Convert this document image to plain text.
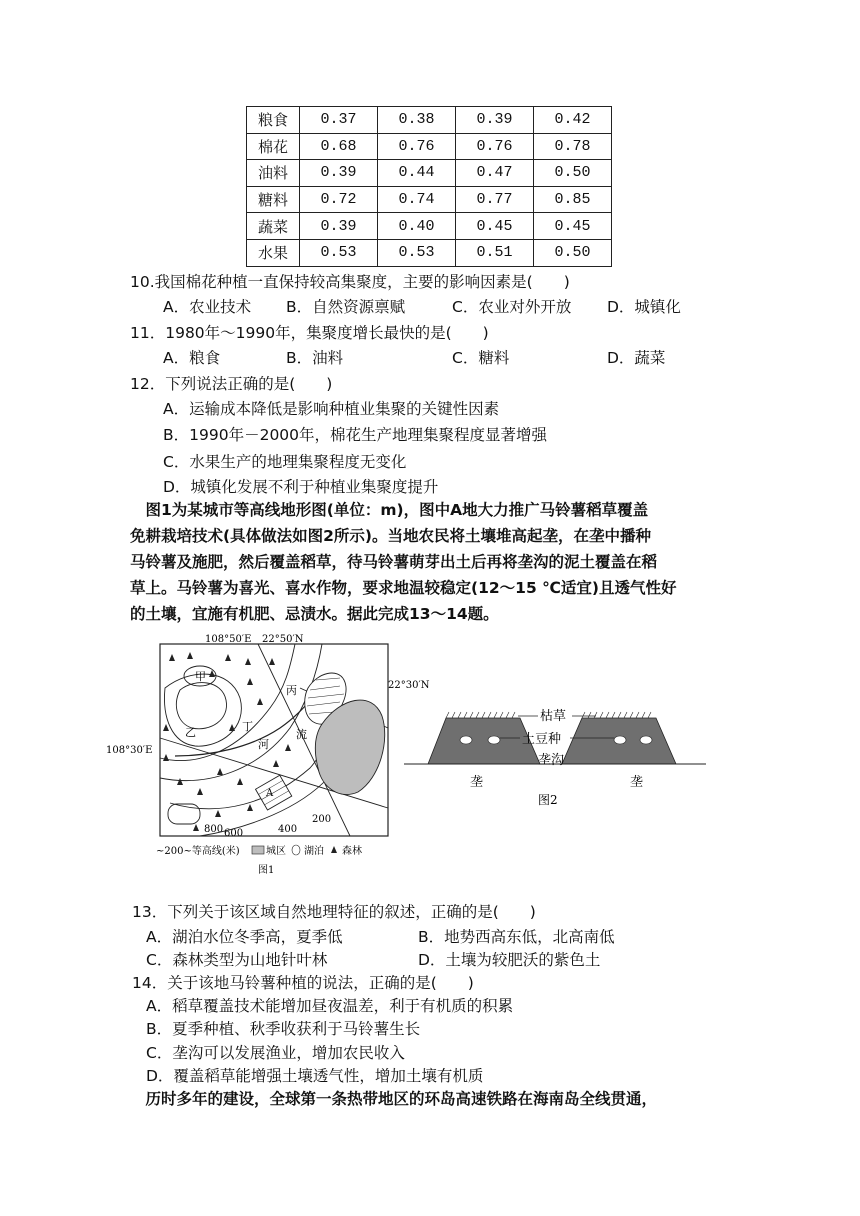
粮食	0.37	0.38	0.39	0.42
棉花	0.68	0.76	0.76	0.78
油料	0.39	0.44	0.47	0.50
糖料	0.72	0.74	0.77	0.85
蔬菜	0.39	0.40	0.45	0.45
水果	0.53	0.53	0.51	0.50
10.我国棉花种植一直保持较高集聚度，主要的影响因素是(　　)
A．农业技术 B．自然资源禀赋	C．农业对外开放 D．城镇化
11．1980年～1990年，集聚度增长最快的是(　　)
A．粮食	B．油料	C．糖料	D．蔬菜
12．下列说法正确的是(　　)
A．运输成本降低是影响种植业集聚的关键性因素
B．1990年－2000年，棉花生产地理集聚程度显著增强
C．水果生产的地理集聚程度无变化
D．城镇化发展不利于种植业集聚度提升
　图1为某城市等高线地形图(单位：m)，图中A地大力推广马铃薯稻草覆盖
免耕栽培技术(具体做法如图2所示)。当地农民将土壤堆高起垄，在垄中播种
马铃薯及施肥，然后覆盖稻草，待马铃薯萌芽出土后再将垄沟的泥土覆盖在稻
草上。马铃薯为喜光、喜水作物，要求地温较稳定(12～15 ℃适宜)且透气性好
的土壤，宜施有机肥、忌渍水。据此完成13～14题。
108°50′E 22°50′N
22°30′N
108°30′E
甲
乙
丙
丁
河
流
A
200
400
600
800
~200~等高线(米)	城区 湖泊 森林
图1
枯草
土豆种
垄沟
垄	垄
图2
13．下列关于该区域自然地理特征的叙述，正确的是(　　)
A．湖泊水位冬季高，夏季低	B．地势西高东低，北高南低
C．森林类型为山地针叶林	D．土壤为较肥沃的紫色土
14．关于该地马铃薯种植的说法，正确的是(　　)
A．稻草覆盖技术能增加昼夜温差，利于有机质的积累
B．夏季种植、秋季收获利于马铃薯生长
C．垄沟可以发展渔业，增加农民收入
D．覆盖稻草能增强土壤透气性，增加土壤有机质
　历时多年的建设，全球第一条热带地区的环岛高速铁路在海南岛全线贯通，
